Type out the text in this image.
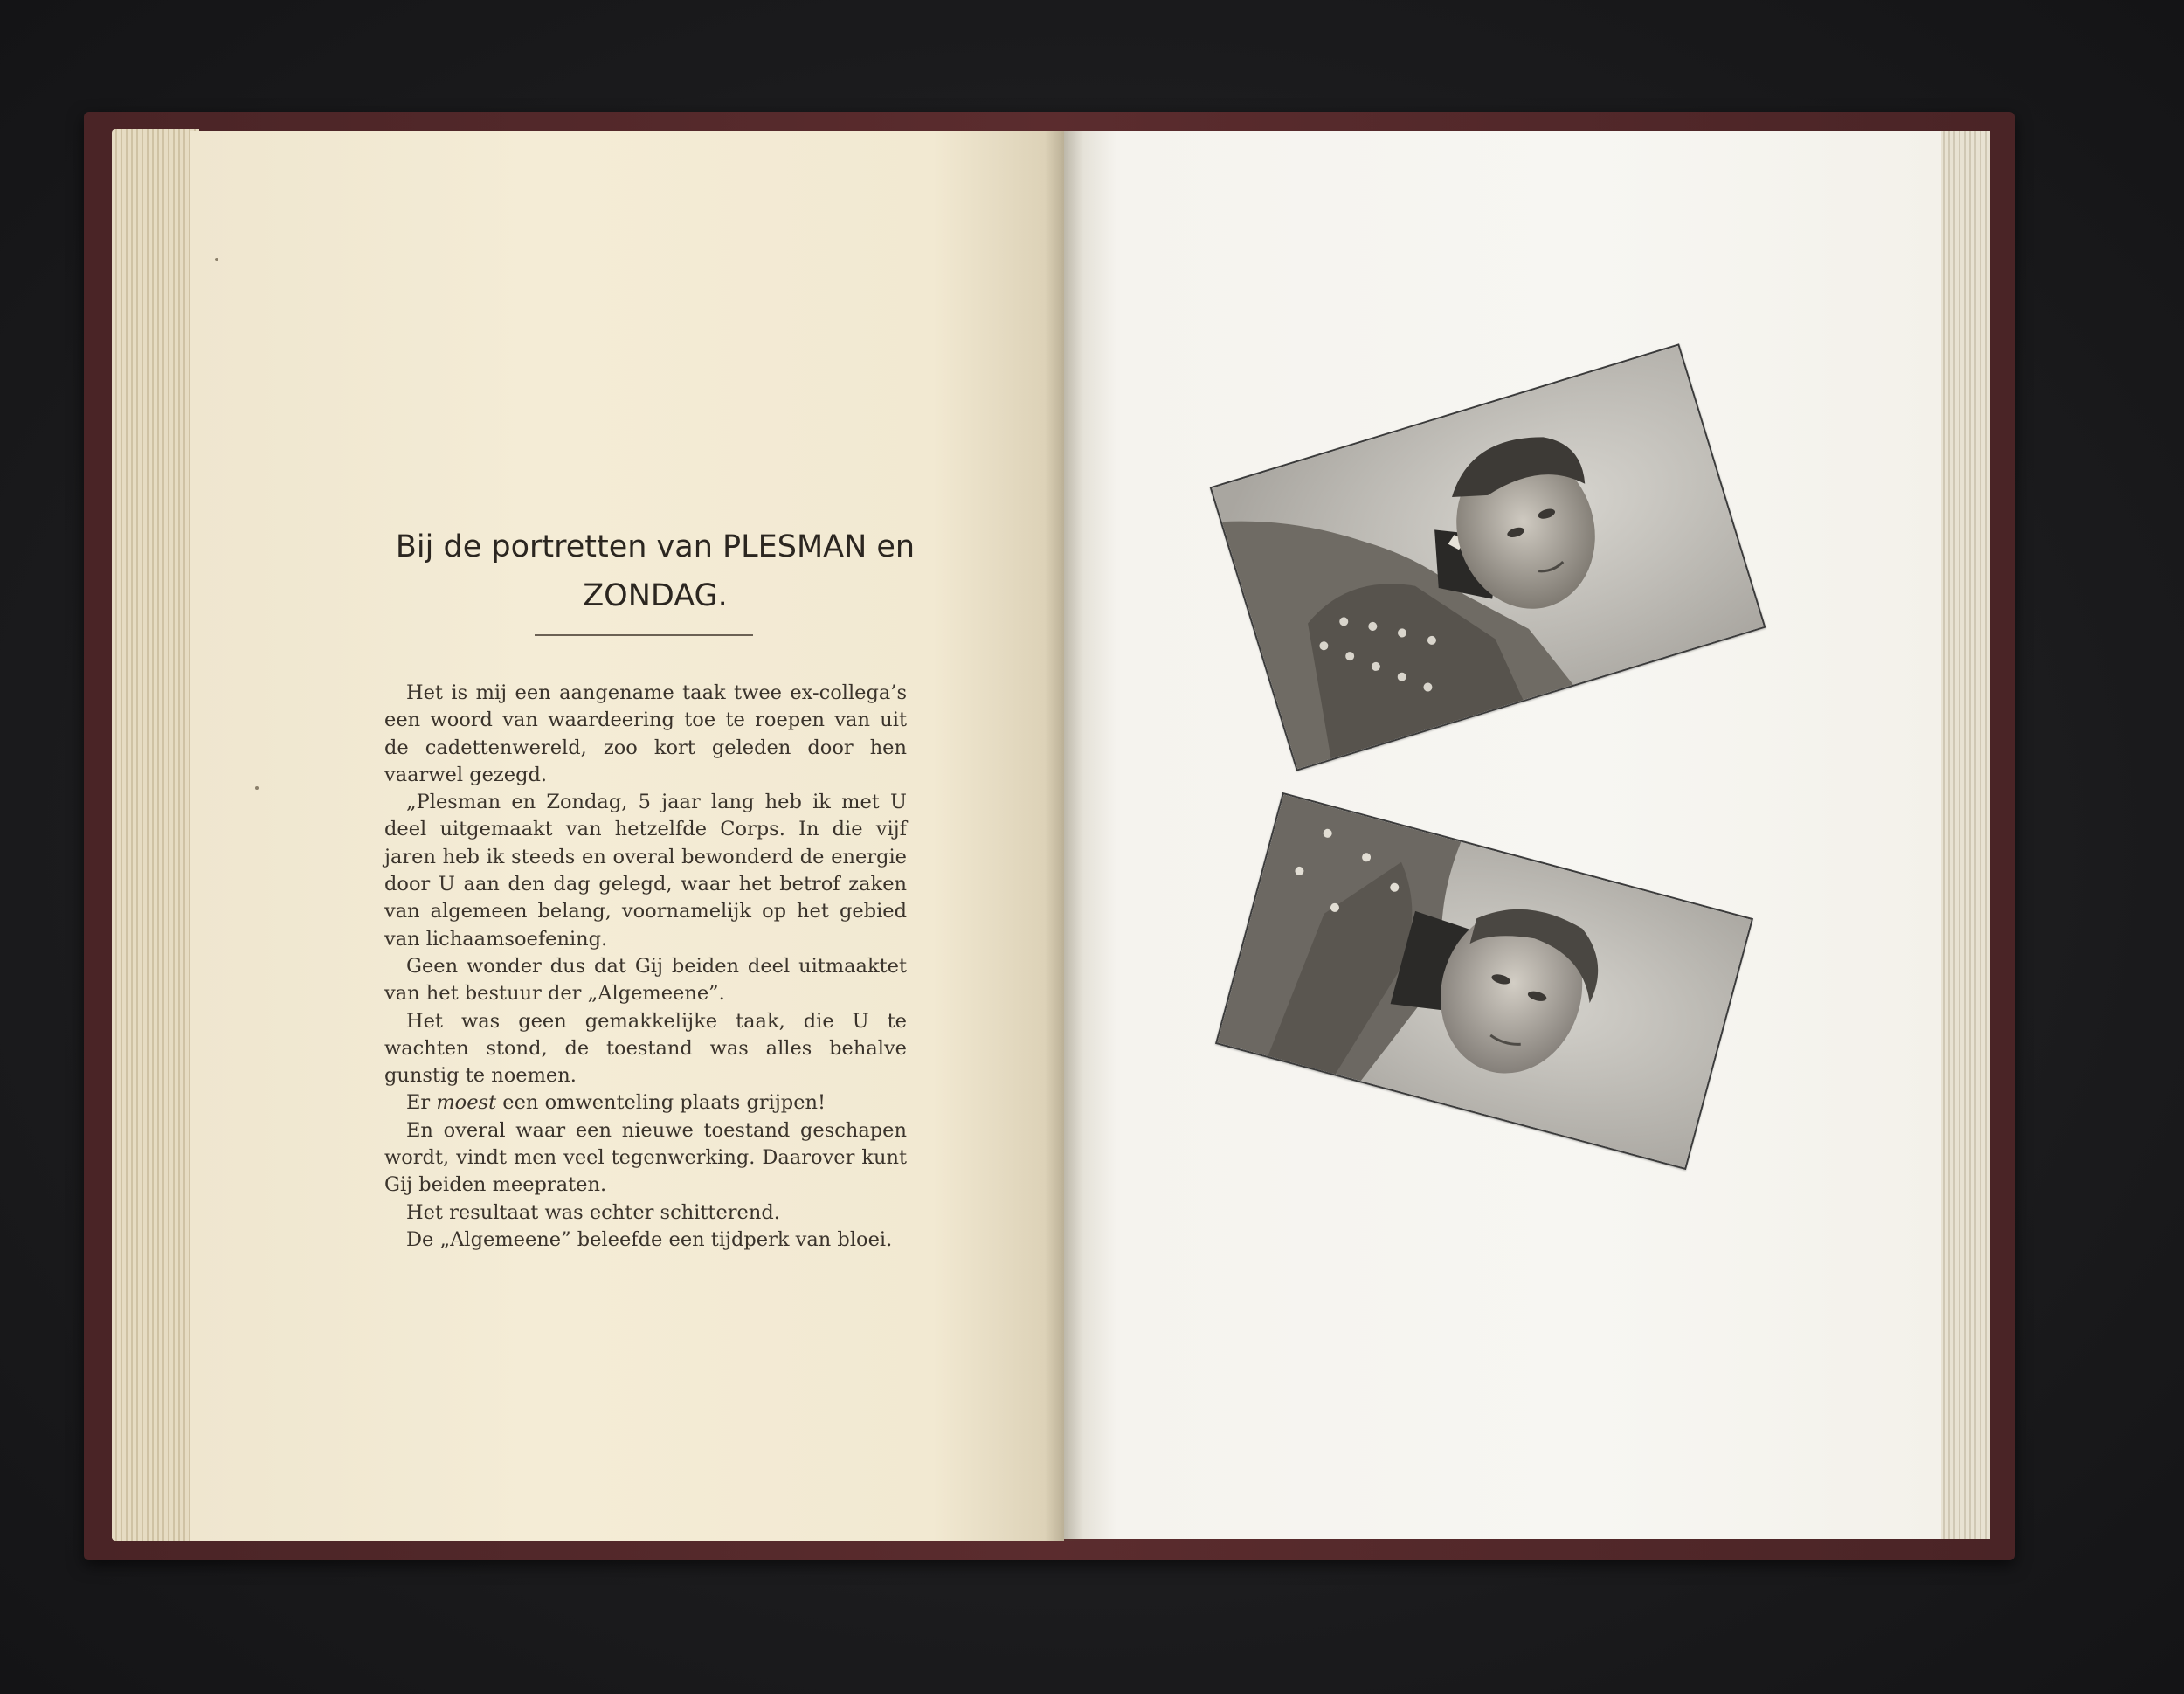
Bij de portretten van PLESMAN en ZONDAG.

Het is mij een aangename taak twee ex-collega’s een woord van waardeering toe te roepen van uit de cadettenwereld, zoo kort geleden door hen vaarwel gezegd.

„Plesman en Zondag, 5 jaar lang heb ik met U deel uitgemaakt van hetzelfde Corps. In die vijf jaren heb ik steeds en overal bewonderd de energie door U aan den dag gelegd, waar het betrof zaken van algemeen belang, voornamelijk op het gebied van lichaamsoefening.

Geen wonder dus dat Gij beiden deel uitmaaktet van het bestuur der „Algemeene”.

Het was geen gemakkelijke taak, die U te wachten stond, de toestand was alles behalve gunstig te noemen.

Er moest een omwenteling plaats grijpen!

En overal waar een nieuwe toestand geschapen wordt, vindt men veel tegenwerking. Daarover kunt Gij beiden meepraten.

Het resultaat was echter schitterend.

De „Algemeene” beleefde een tijdperk van bloei.
